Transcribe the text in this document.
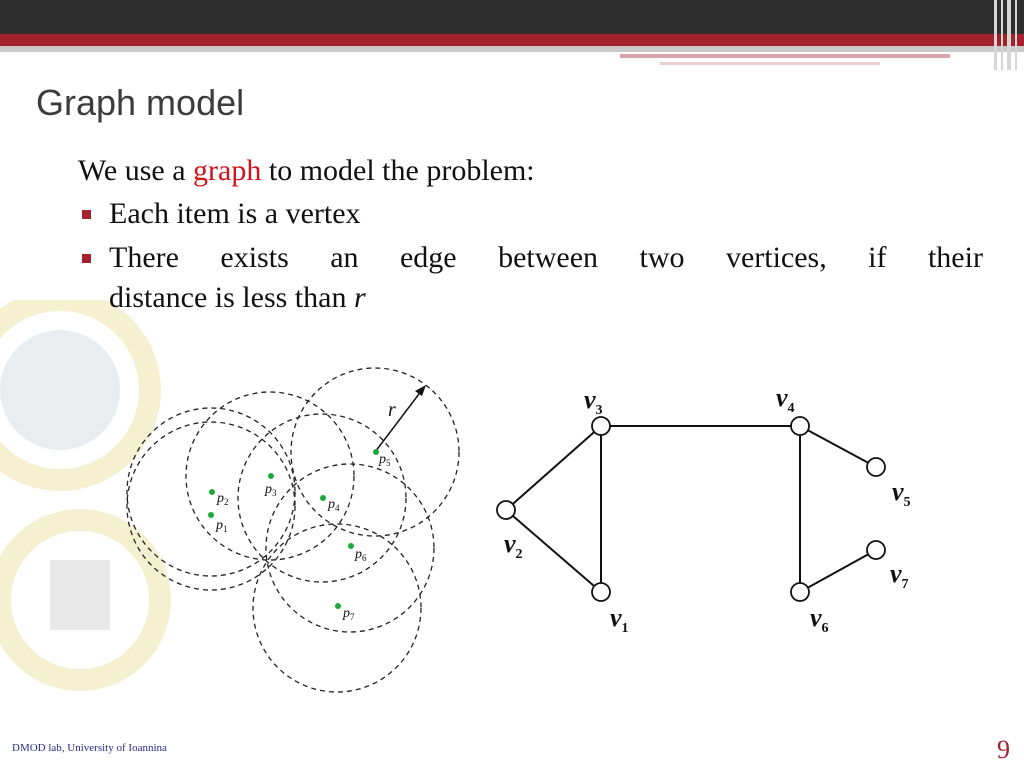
Graph model
We use a graph to model the problem:
Each item is a vertex
There exists an edge between two vertices, if their
distance is less than r
r
$p_1$
$p_2$
$p_3$
$p_4$
$p_5$
$p_6$
$p_7$	$v_1$
$v_2$
$v_3$	$v_4$
$v_5$
$v_6$
$v_7$
DMOD lab, University of Ioannina	9
